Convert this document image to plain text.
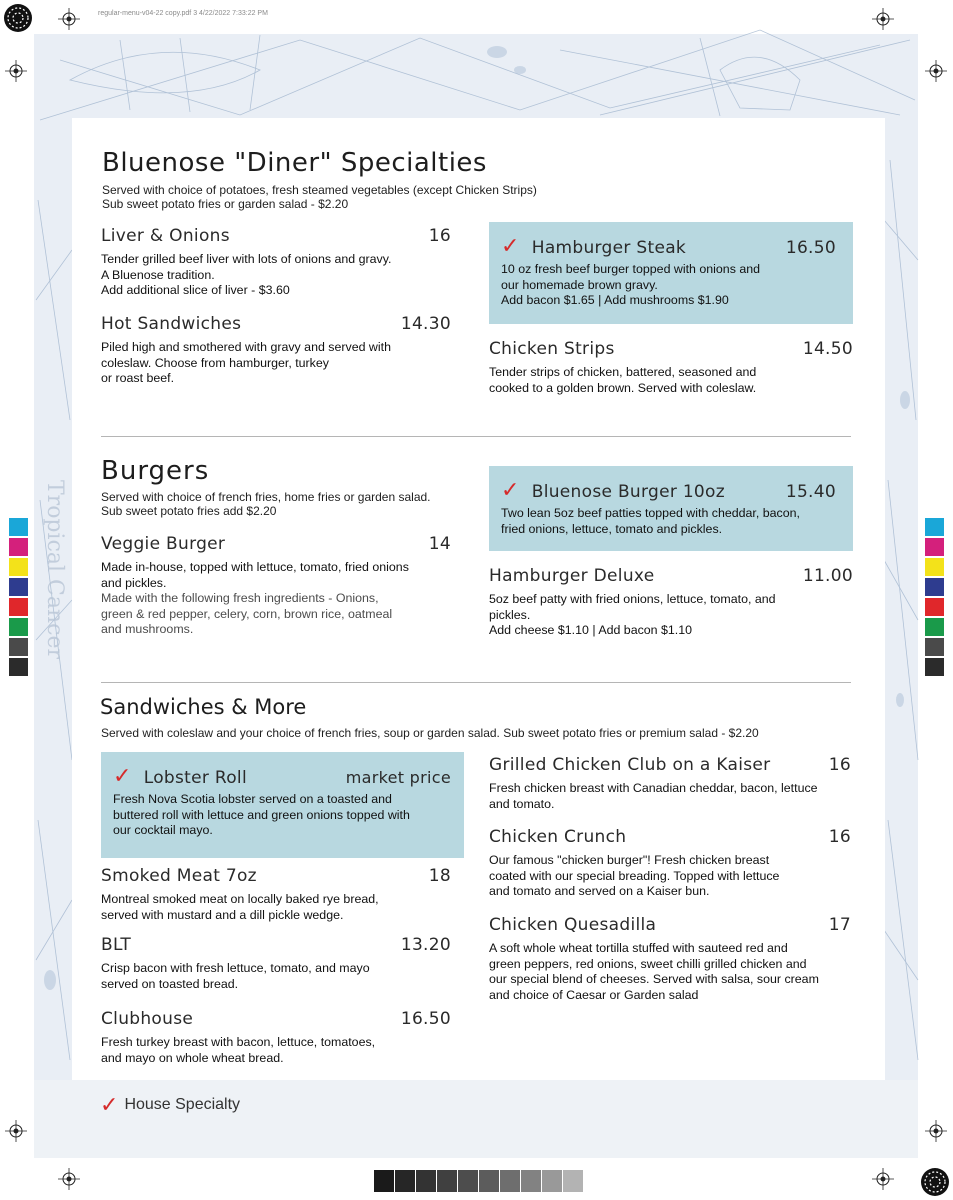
Tropical Cancer
regular-menu-v04-22 copy.pdf 3 4/22/2022 7:33:22 PM
Bluenose "Diner" Specialties
Served with choice of potatoes, fresh steamed vegetables (except Chicken Strips)
Sub sweet potato fries or garden salad - $2.20
Liver & Onions	16
Tender grilled beef liver with lots of onions and gravy.
A Bluenose tradition.
Add additional slice of liver - $3.60
Hot Sandwiches	14.30
Piled high and smothered with gravy and served with
coleslaw. Choose from hamburger, turkey
or roast beef.
✓ Hamburger Steak	16.50
10 oz fresh beef burger topped with onions and
our homemade brown gravy.
Add bacon $1.65 | Add mushrooms $1.90
Chicken Strips	14.50
Tender strips of chicken, battered, seasoned and
cooked to a golden brown. Served with coleslaw.
Burgers
Served with choice of french fries, home fries or garden salad.
Sub sweet potato fries add $2.20
Veggie Burger	14
Made in-house, topped with lettuce, tomato, fried onions
and pickles.
Made with the following fresh ingredients - Onions,
green & red pepper, celery, corn, brown rice, oatmeal
and mushrooms.
✓ Bluenose Burger 10oz	15.40
Two lean 5oz beef patties topped with cheddar, bacon,
fried onions, lettuce, tomato and pickles.
Hamburger Deluxe	11.00
5oz beef patty with fried onions, lettuce, tomato, and
pickles.
Add cheese $1.10 | Add bacon $1.10
Sandwiches & More
Served with coleslaw and your choice of french fries, soup or garden salad. Sub sweet potato fries or premium salad - $2.20
✓ Lobster Roll	market price
Fresh Nova Scotia lobster served on a toasted and
buttered roll with lettuce and green onions topped with
our cocktail mayo.
Smoked Meat 7oz	18
Montreal smoked meat on locally baked rye bread,
served with mustard and a dill pickle wedge.
BLT	13.20
Crisp bacon with fresh lettuce, tomato, and mayo
served on toasted bread.
Clubhouse	16.50
Fresh turkey breast with bacon, lettuce, tomatoes,
and mayo on whole wheat bread.
Grilled Chicken Club on a Kaiser	16
Fresh chicken breast with Canadian cheddar, bacon, lettuce
and tomato.
Chicken Crunch	16
Our famous "chicken burger"! Fresh chicken breast
coated with our special breading. Topped with lettuce
and tomato and served on a Kaiser bun.
Chicken Quesadilla	17
A soft whole wheat tortilla stuffed with sauteed red and
green peppers, red onions, sweet chilli grilled chicken and
our special blend of cheeses. Served with salsa, sour cream
and choice of Caesar or Garden salad
✓ House Specialty
